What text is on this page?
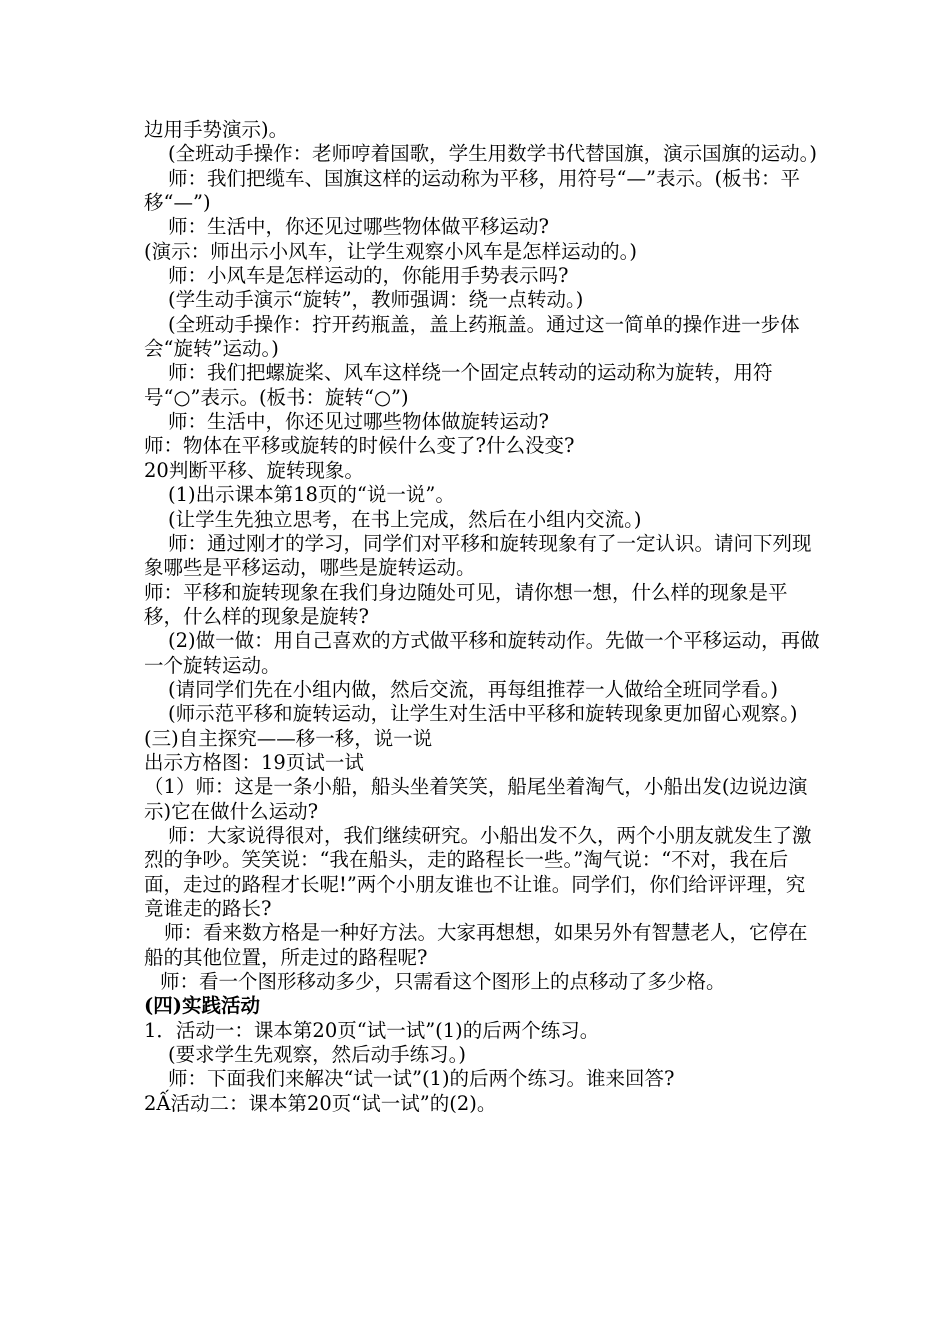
边用手势演示)。

(全班动手操作：老师哼着国歌，学生用数学书代替国旗，演示国旗的运动。)

师：我们把缆车、国旗这样的运动称为平移，用符号“—”表示。(板书：平移“—”)

师：生活中，你还见过哪些物体做平移运动?

(演示：师出示小风车，让学生观察小风车是怎样运动的。)

师：小风车是怎样运动的，你能用手势表示吗?

(学生动手演示“旋转”，教师强调：绕一点转动。)

(全班动手操作：拧开药瓶盖，盖上药瓶盖。通过这一简单的操作进一步体会“旋转”运动。)

师：我们把螺旋桨、风车这样绕一个固定点转动的运动称为旋转，用符号“○”表示。(板书：旋转“○”)

师：生活中，你还见过哪些物体做旋转运动?

师：物体在平移或旋转的时候什么变了?什么没变?

20判断平移、旋转现象。

(1)出示课本第18页的“说一说”。

(让学生先独立思考，在书上完成，然后在小组内交流。)

师：通过刚才的学习，同学们对平移和旋转现象有了一定认识。请问下列现象哪些是平移运动，哪些是旋转运动。

师：平移和旋转现象在我们身边随处可见，请你想一想，什么样的现象是平移，什么样的现象是旋转?

(2)做一做：用自己喜欢的方式做平移和旋转动作。先做一个平移运动，再做一个旋转运动。

(请同学们先在小组内做，然后交流，再每组推荐一人做给全班同学看。)

(师示范平移和旋转运动，让学生对生活中平移和旋转现象更加留心观察。)

(三)自主探究——移一移，说一说

出示方格图：19页试一试

（1）师：这是一条小船，船头坐着笑笑，船尾坐着淘气，小船出发(边说边演示)它在做什么运动?

师：大家说得很对，我们继续研究。小船出发不久，两个小朋友就发生了激烈的争吵。笑笑说：“我在船头，走的路程长一些。”淘气说：“不对，我在后面，走过的路程才长呢!”两个小朋友谁也不让谁。同学们，你们给评评理，究竟谁走的路长?

师：看来数方格是一种好方法。大家再想想，如果另外有智慧老人，它停在船的其他位置，所走过的路程呢?

师：看一个图形移动多少，只需看这个图形上的点移动了多少格。

(四)实践活动

1．活动一：课本第20页“试一试”(1)的后两个练习。

(要求学生先观察，然后动手练习。)

师：下面我们来解决“试一试”(1)的后两个练习。谁来回答?

2Ấ活动二：课本第20页“试一试”的(2)。
